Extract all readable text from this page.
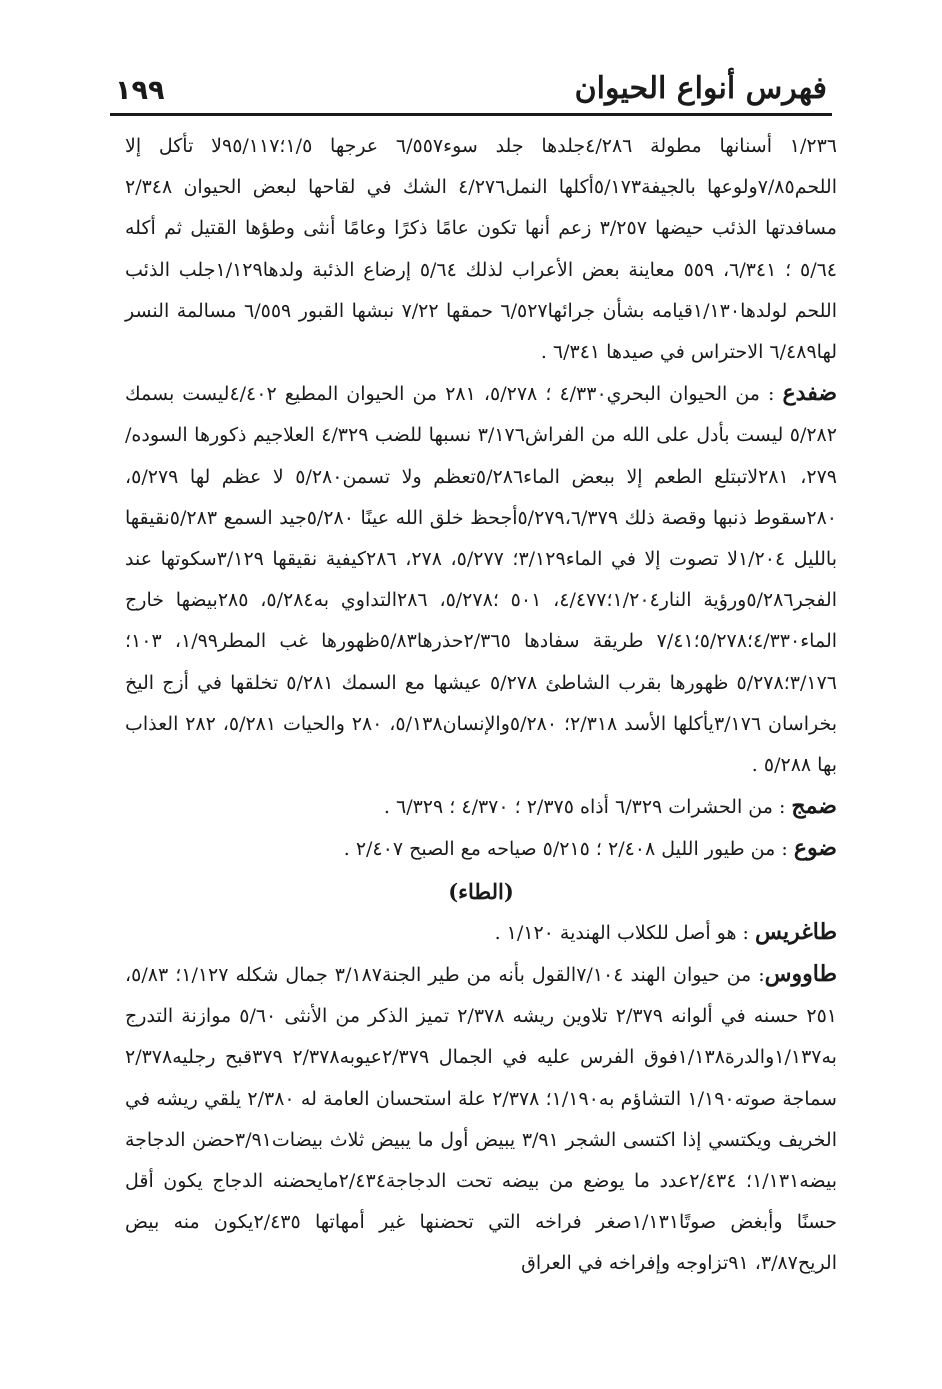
فهرس أنواع الحيوان
١٩٩

١/٢٣٦ أسنانها مطولة ٤/٢٨٦جلدها جلد سوء٦/٥٥٧ عرجها ١/٥؛٩٥/١١٧لا تأكل إلا اللحم٧/٨٥ولوعها بالجيفة٥/١٧٣أكلها النمل٤/٢٧٦ الشك في لقاحها لبعض الحيوان ٢/٣٤٨ مسافدتها الذئب حيضها ٣/٢٥٧ زعم أنها تكون عامًا ذكرًا وعامًا أنثى وطؤها القتيل ثم أكله ٥/٦٤ ؛ ٦/٣٤١، ٥٥٩ معاينة بعض الأعراب لذلك ٥/٦٤ إرضاع الذئبة ولدها١/١٢٩جلب الذئب اللحم لولدها١/١٣٠قيامه بشأن جرائها٦/٥٢٧ حمقها ٧/٢٢ نبشها القبور ٦/٥٥٩ مسالمة النسر لها٦/٤٨٩ الاحتراس في صيدها ٦/٣٤١ .

ضفدع : من الحيوان البحري٤/٣٣٠ ؛ ٥/٢٧٨، ٢٨١ من الحيوان المطيع ٤/٤٠٢ليست بسمك ٥/٢٨٢ ليست بأدل على الله من الفراش٣/١٧٦ نسبها للضب ٤/٣٢٩ العلاجيم ذكورها السوده/٢٧٩، ٢٨١لاتبتلع الطعم إلا ببعض الماء٥/٢٨٦تعظم ولا تسمن٥/٢٨٠ لا عظم لها ٥/٢٧٩، ٢٨٠سقوط ذنبها وقصة ذلك ٥/٢٧٩،٦/٣٧٩أجحظ خلق الله عينًا ٥/٢٨٠جيد السمع ٥/٢٨٣نقيقها بالليل ١/٢٠٤لا تصوت إلا في الماء٣/١٢٩؛ ٥/٢٧٧، ٢٧٨، ٢٨٦كيفية نقيقها ٣/١٢٩سكوتها عند الفجر٥/٢٨٦ورؤية النار١/٢٠٤؛٤/٤٧٧، ٥٠١ ؛٥/٢٧٨، ٢٨٦التداوي به٥/٢٨٤، ٢٨٥بيضها خارج الماء٤/٣٣٠؛٥/٢٧٨؛٧/٤١ طريقة سفادها ٢/٣٦٥حذرها٥/٨٣ظهورها غب المطر١/٩٩، ١٠٣؛ ٣/١٧٦؛٥/٢٧٨ ظهورها بقرب الشاطئ ٥/٢٧٨ عيشها مع السمك ٥/٢٨١ تخلقها في أزج اليخ بخراسان ٣/١٧٦يأكلها الأسد ٢/٣١٨؛ ٥/٢٨٠والإنسان٥/١٣٨، ٢٨٠ والحيات ٥/٢٨١، ٢٨٢ العذاب بها ٥/٢٨٨ .

ضمج : من الحشرات ٦/٣٢٩ أذاه ٢/٣٧٥ ؛ ٤/٣٧٠ ؛ ٦/٣٢٩ .

ضوع : من طيور الليل ٢/٤٠٨ ؛ ٥/٢١٥ صياحه مع الصبح ٢/٤٠٧ .

(الطاء)

طاغريس : هو أصل للكلاب الهندية ١/١٢٠ .

طاووس: من حيوان الهند ٧/١٠٤القول بأنه من طير الجنة٣/١٨٧ جمال شكله ١/١٢٧؛ ٥/٨٣، ٢٥١ حسنه في ألوانه ٢/٣٧٩ تلاوين ريشه ٢/٣٧٨ تميز الذكر من الأنثى ٥/٦٠ موازنة التدرج به١/١٣٧والدرة١/١٣٨فوق الفرس عليه في الجمال ٢/٣٧٩عيوبه٢/٣٧٨ ٣٧٩قبح رجليه٢/٣٧٨ سماجة صوته١/١٩٠ التشاؤم به١/١٩٠؛ ٢/٣٧٨ علة استحسان العامة له ٢/٣٨٠ يلقي ريشه في الخريف ويكتسي إذا اكتسى الشجر ٣/٩١ يبيض أول ما يبيض ثلاث بيضات٣/٩١حضن الدجاجة بيضه١/١٣١؛ ٢/٤٣٤عدد ما يوضع من بيضه تحت الدجاجة٢/٤٣٤مايحضنه الدجاج يكون أقل حسنًا وأبغض صوتًا١/١٣١صغر فراخه التي تحضنها غير أمهاتها ٢/٤٣٥يكون منه بيض الريح٣/٨٧، ٩١تزاوجه وإفراخه في العراق
